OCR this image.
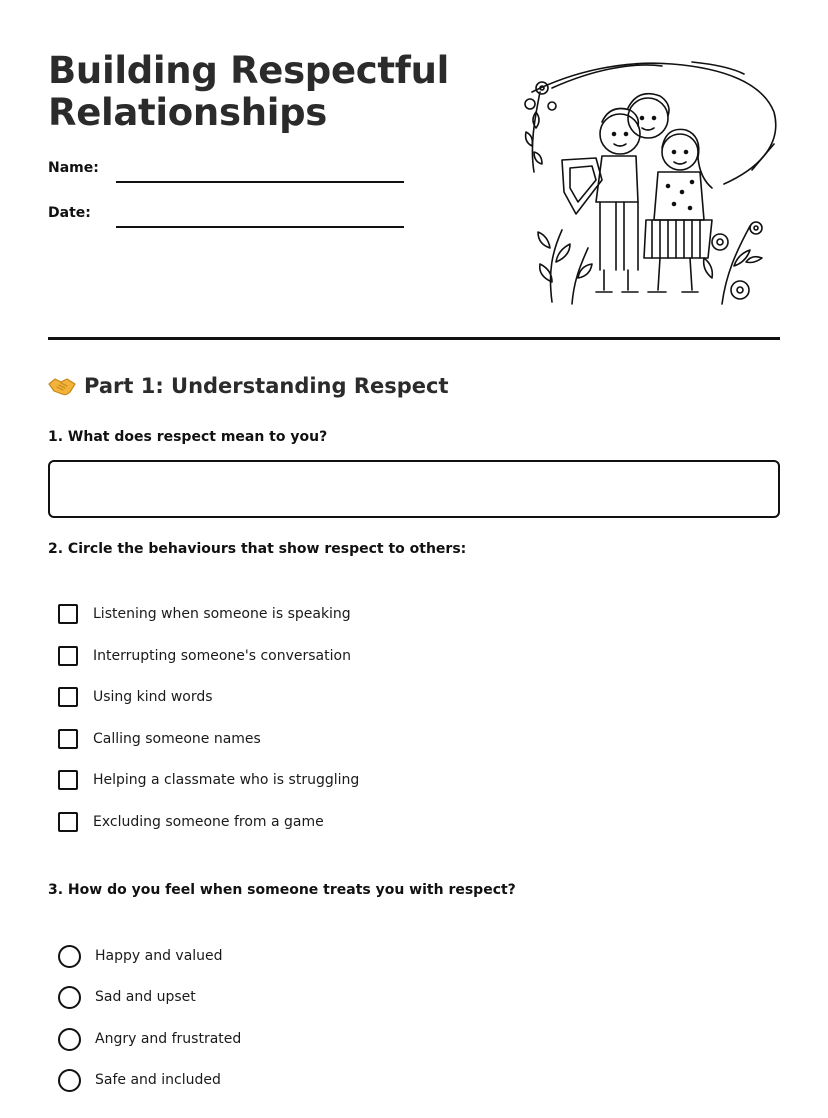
Building Respectful
Relationships
Name:
Date:
Part 1: Understanding Respect

1. What does respect mean to you?

2. Circle the behaviours that show respect to others:

Listening when someone is speaking
Interrupting someone's conversation
Using kind words
Calling someone names
Helping a classmate who is struggling
Excluding someone from a game

3. How do you feel when someone treats you with respect?

Happy and valued
Sad and upset
Angry and frustrated
Safe and included
